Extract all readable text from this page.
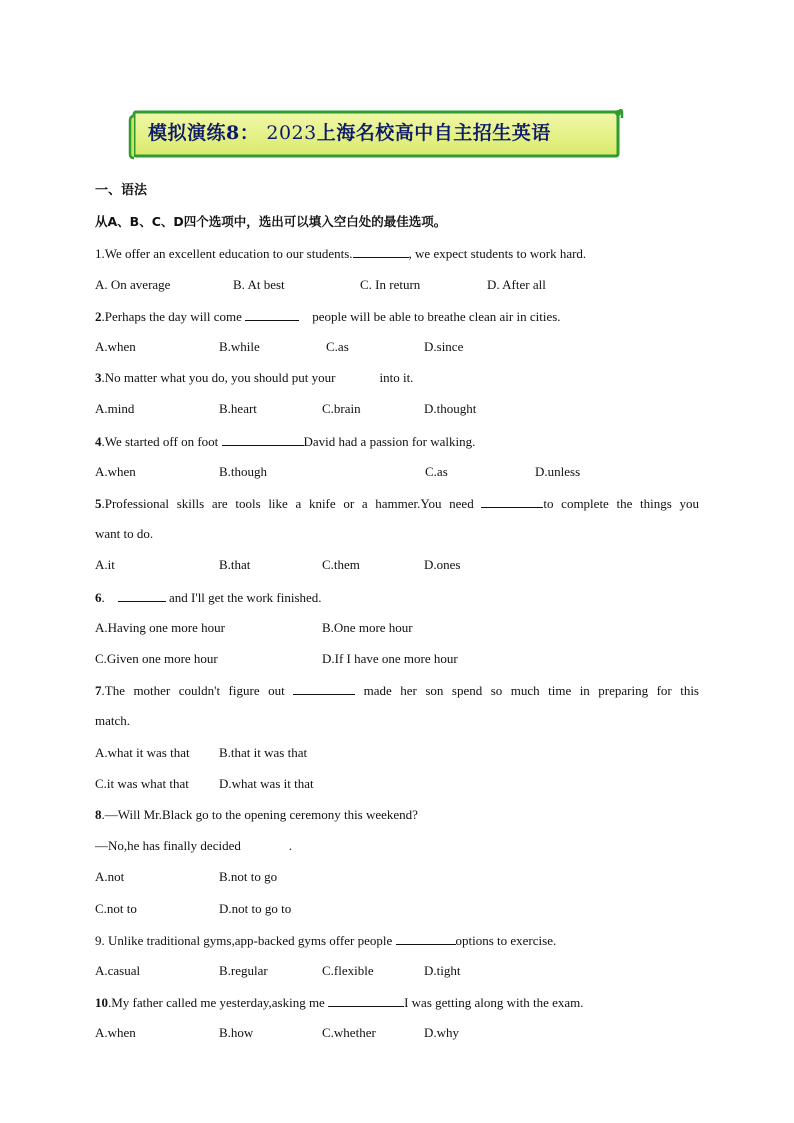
模拟演练8： 2023上海名校高中自主招生英语
一、语法
从A、B、C、D四个选项中，选出可以填入空白处的最佳选项。
1.We offer an excellent education to our students.	, we expect students to work hard.
A. On average	B. At best	C. In return	D. After all
2.Perhaps the day will come	people will be able to breathe clean air in cities.
A.when	B.while	C.as	D.since
3.No matter what you do, you should put your	into it.
A.mind	B.heart	C.brain	D.thought
4.We started off on foot	David had a passion for walking.
A.when	B.though	C.as	D.unless
5.Professional skills are tools like a knife or a hammer.You need	to complete the things you
want to do.
A.it	B.that	C.them	D.ones
6.	and I'll get the work finished.
A.Having one more hour	B.One more hour
C.Given one more hour	D.If I have one more hour
7.The mother couldn't figure out	made her son spend so much time in preparing for this
match.
A.what it was that B.that it was that
C.it was what that D.what was it that
8.—Will Mr.Black go to the opening ceremony this weekend?
—No,he has finally decided	.
A.not	B.not to go
C.not to	D.not to go to
9. Unlike traditional gyms,app-backed gyms offer people	options to exercise.
A.casual	B.regular	C.flexible	D.tight
10.My father called me yesterday,asking me	I was getting along with the exam.
A.when	B.how	C.whether	D.why
